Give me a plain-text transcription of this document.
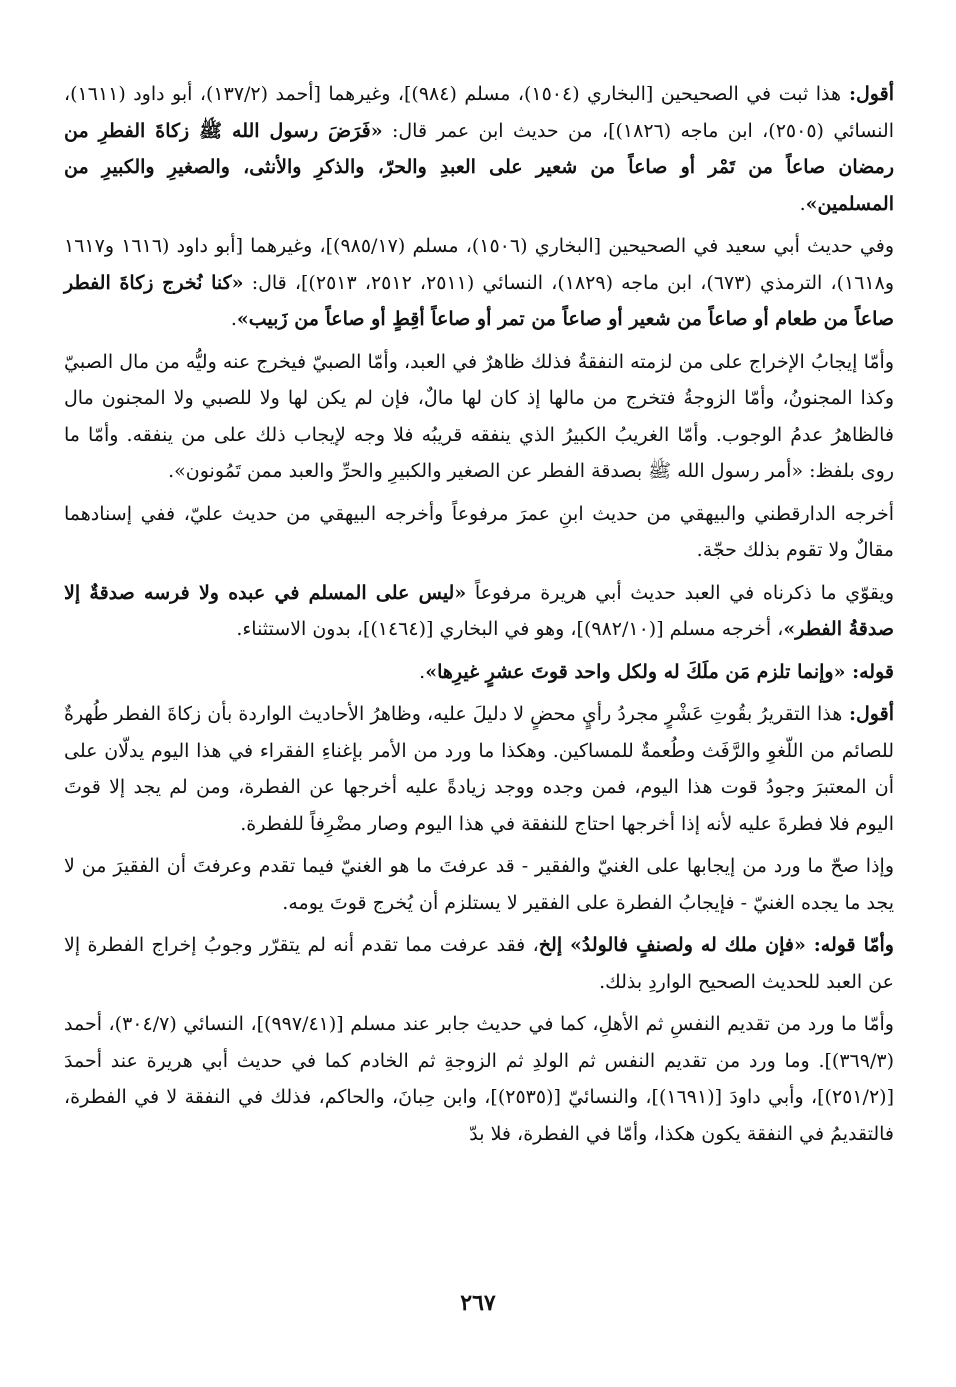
أقول: هذا ثبت في الصحيحين [البخاري (١٥٠٤)، مسلم (٩٨٤)]، وغيرهما [أحمد (١٣٧/٢)، أبو داود (١٦١١)، النسائي (٢٥٠٥)، ابن ماجه (١٨٢٦)]، من حديث ابن عمر قال: «فَرَضَ رسول الله ﷺ زكاةَ الفطرِ من رمضان صاعاً من تَمْر أو صاعاً من شعير على العبدِ والحرّ، والذكرِ والأنثى، والصغيرِ والكبيرِ من المسلمين».

وفي حديث أبي سعيد في الصحيحين [البخاري (١٥٠٦)، مسلم (٩٨٥/١٧)]، وغيرهما [أبو داود (١٦١٦ و١٦١٧ و١٦١٨)، الترمذي (٦٧٣)، ابن ماجه (١٨٢٩)، النسائي (٢٥١١، ٢٥١٢، ٢٥١٣)]، قال: «كنا نُخرج زكاةَ الفطر صاعاً من طعام أو صاعاً من شعير أو صاعاً من تمر أو صاعاً أقِطٍ أو صاعاً من زَبيب».

وأمّا إيجابُ الإخراج على من لزمته النفقةُ فذلك ظاهرٌ في العبد، وأمّا الصبيّ فيخرج عنه وليُّه من مال الصبيّ وكذا المجنونُ، وأمّا الزوجةُ فتخرج من مالها إذ كان لها مالٌ، فإن لم يكن لها ولا للصبي ولا المجنون مال فالظاهرُ عدمُ الوجوب. وأمّا الغريبُ الكبيرُ الذي ينفقه قريبُه فلا وجه لإيجاب ذلك على من ينفقه. وأمّا ما روى بلفظ: «أمر رسول الله ﷺ بصدقة الفطر عن الصغير والكبيرِ والحرِّ والعبد ممن تَمُونون».

أخرجه الدارقطني والبيهقي من حديث ابنِ عمرَ مرفوعاً وأخرجه البيهقي من حديث عليّ، ففي إسنادهما مقالٌ ولا تقوم بذلك حجّة.

ويقوّي ما ذكرناه في العبد حديث أبي هريرة مرفوعاً «ليس على المسلم في عبده ولا فرسه صدقةٌ إلا صدقةُ الفطر»، أخرجه مسلم [(٩٨٢/١٠)]، وهو في البخاري [(١٤٦٤)]، بدون الاستثناء.

قوله: «وإنما تلزم مَن ملَكَ له ولكل واحد قوتَ عشرٍ غيرِها».

أقول: هذا التقريرُ بقُوتِ عَشْرٍ مجردُ رأيٍ محضٍ لا دليلَ عليه، وظاهرُ الأحاديث الواردة بأن زكاةَ الفطر طُهرةٌ للصائم من اللّغوِ والرَّفَث وطُعمةٌ للمساكين. وهكذا ما ورد من الأمر بإغناءِ الفقراء في هذا اليوم يدلّان على أن المعتبرَ وجودُ قوت هذا اليوم، فمن وجده ووجد زيادةً عليه أخرجها عن الفطرة، ومن لم يجد إلا قوتَ اليوم فلا فطرةَ عليه لأنه إذا أخرجها احتاج للنفقة في هذا اليوم وصار مضْرِفاً للفطرة.

وإذا صحّ ما ورد من إيجابها على الغنيّ والفقير - قد عرفتَ ما هو الغنيّ فيما تقدم وعرفتَ أن الفقيرَ من لا يجد ما يجده الغنيّ - فإيجابُ الفطرة على الفقير لا يستلزم أن يُخرج قوتَ يومه.

وأمّا قوله: «فإن ملك له ولصنفٍ فالولدُ» إلخ، فقد عرفت مما تقدم أنه لم يتقرّر وجوبُ إخراج الفطرة إلا عن العبد للحديث الصحيح الواردِ بذلك.

وأمّا ما ورد من تقديم النفسِ ثم الأهلِ، كما في حديث جابر عند مسلم [(٩٩٧/٤١)]، النسائي (٣٠٤/٧)، أحمد (٣٦٩/٣)]. وما ورد من تقديم النفس ثم الولدِ ثم الزوجةِ ثم الخادم كما في حديث أبي هريرة عند أحمدَ [(٢٥١/٢)]، وأبي داودَ [(١٦٩١)]، والنسائيّ [(٢٥٣٥)]، وابن حِبانَ، والحاكم، فذلك في النفقة لا في الفطرة، فالتقديمُ في النفقة يكون هكذا، وأمّا في الفطرة، فلا بدّ

٢٦٧
